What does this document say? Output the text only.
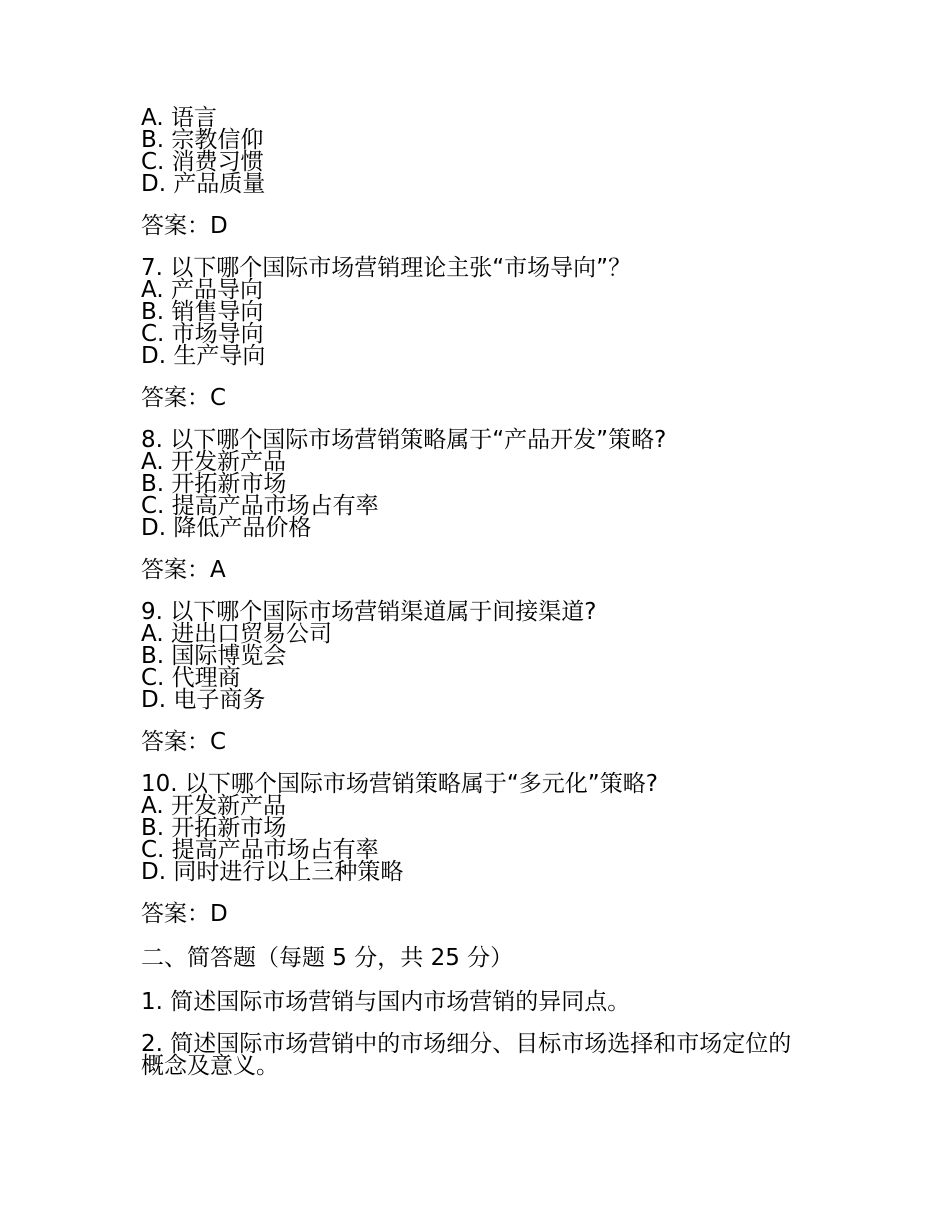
A. 语言
B. 宗教信仰
C. 消费习惯
D. 产品质量
答案：D
7. 以下哪个国际市场营销理论主张“市场导向”？
A. 产品导向
B. 销售导向
C. 市场导向
D. 生产导向
答案：C
8. 以下哪个国际市场营销策略属于“产品开发”策略?
A. 开发新产品
B. 开拓新市场
C. 提高产品市场占有率
D. 降低产品价格
答案：A
9. 以下哪个国际市场营销渠道属于间接渠道?
A. 进出口贸易公司
B. 国际博览会
C. 代理商
D. 电子商务
答案：C
10. 以下哪个国际市场营销策略属于“多元化”策略?
A. 开发新产品
B. 开拓新市场
C. 提高产品市场占有率
D. 同时进行以上三种策略
答案：D
二、简答题（每题 5 分，共 25 分）
1. 简述国际市场营销与国内市场营销的异同点。
2. 简述国际市场营销中的市场细分、目标市场选择和市场定位的概念及意义。
